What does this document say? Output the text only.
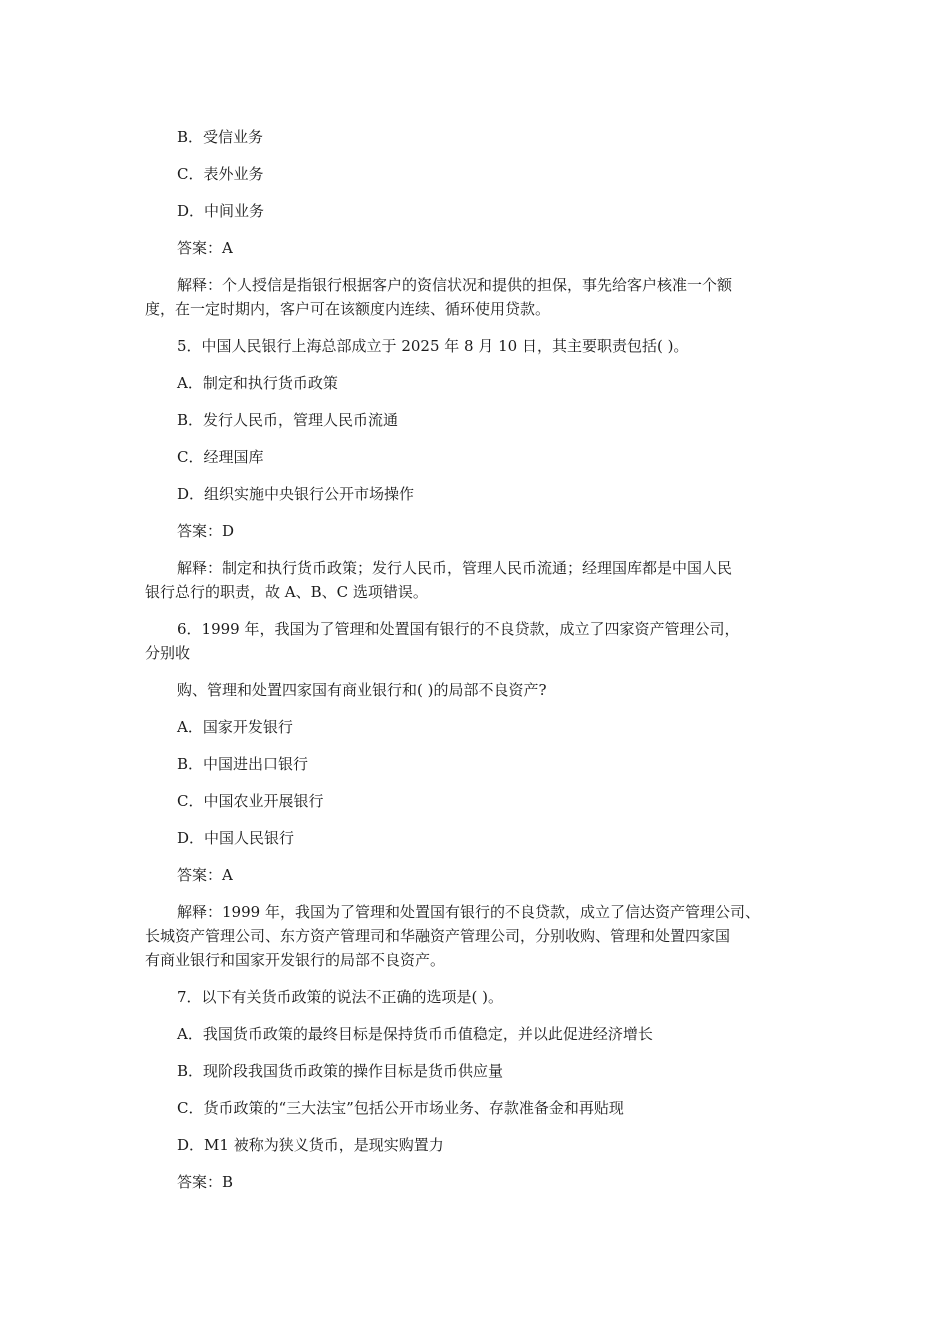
B．受信业务
C．表外业务
D．中间业务
答案：A
解释：个人授信是指银行根据客户的资信状况和提供的担保，事先给客户核准一个额
度，在一定时期内，客户可在该额度内连续、循环使用贷款。
5．中国人民银行上海总部成立于 2025 年 8 月 10 日，其主要职责包括( )。
A．制定和执行货币政策
B．发行人民币，管理人民币流通
C．经理国库
D．组织实施中央银行公开市场操作
答案：D
解释：制定和执行货币政策；发行人民币，管理人民币流通；经理国库都是中国人民
银行总行的职责，故 A、B、C 选项错误。
6．1999 年，我国为了管理和处置国有银行的不良贷款，成立了四家资产管理公司，
分别收
购、管理和处置四家国有商业银行和( )的局部不良资产?
A．国家开发银行
B．中国进出口银行
C．中国农业开展银行
D．中国人民银行
答案：A
解释：1999 年，我国为了管理和处置国有银行的不良贷款，成立了信达资产管理公司、
长城资产管理公司、东方资产管理司和华融资产管理公司，分别收购、管理和处置四家国
有商业银行和国家开发银行的局部不良资产。
7．以下有关货币政策的说法不正确的选项是( )。
A．我国货币政策的最终目标是保持货币币值稳定，并以此促进经济增长
B．现阶段我国货币政策的操作目标是货币供应量
C．货币政策的“三大法宝”包括公开市场业务、存款准备金和再贴现
D．M1 被称为狭义货币，是现实购置力
答案：B
